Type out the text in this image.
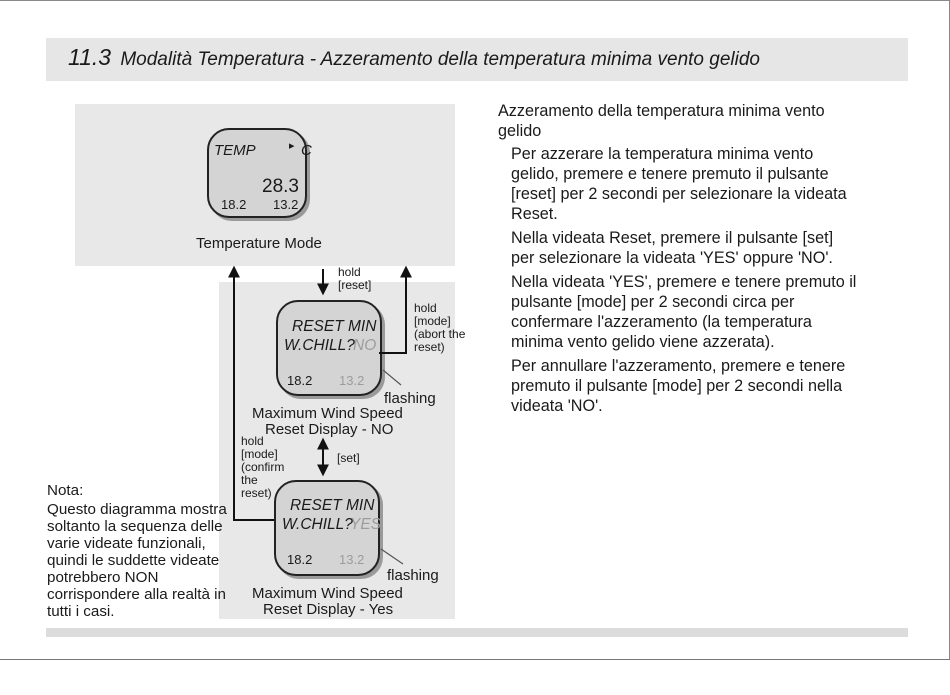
11.3 Modalità Temperatura - Azzeramento della temperatura minima vento gelido
TEMP	▸ C
28.3
18.2 13.2
Temperature Mode
RESET MIN
W.CHILL?
NO
18.2 13.2
flashing
Maximum Wind Speed
Reset Display - NO
RESET MIN
W.CHILL?
YES
18.2 13.2
flashing
Maximum Wind Speed
Reset Display - Yes
hold
[reset]
hold
[mode]
(abort the
reset)
[set]
hold
[mode]
(confirm
the
reset)
Nota:
Questo diagramma mostra
soltanto la sequenza delle
varie videate funzionali,
quindi le suddette videate
potrebbero NON
corrispondere alla realtà in
tutti i casi.

Azzeramento della temperatura minima vento
gelido

Per azzerare la temperatura minima vento
gelido, premere e tenere premuto il pulsante
[reset] per 2 secondi per selezionare la videata
Reset.

Nella videata Reset, premere il pulsante [set]
per selezionare la videata 'YES' oppure 'NO'.

Nella videata 'YES', premere e tenere premuto il
pulsante [mode] per 2 secondi circa per
confermare l'azzeramento (la temperatura
minima vento gelido viene azzerata).

Per annullare l'azzeramento, premere e tenere
premuto il pulsante [mode] per 2 secondi nella
videata 'NO'.
